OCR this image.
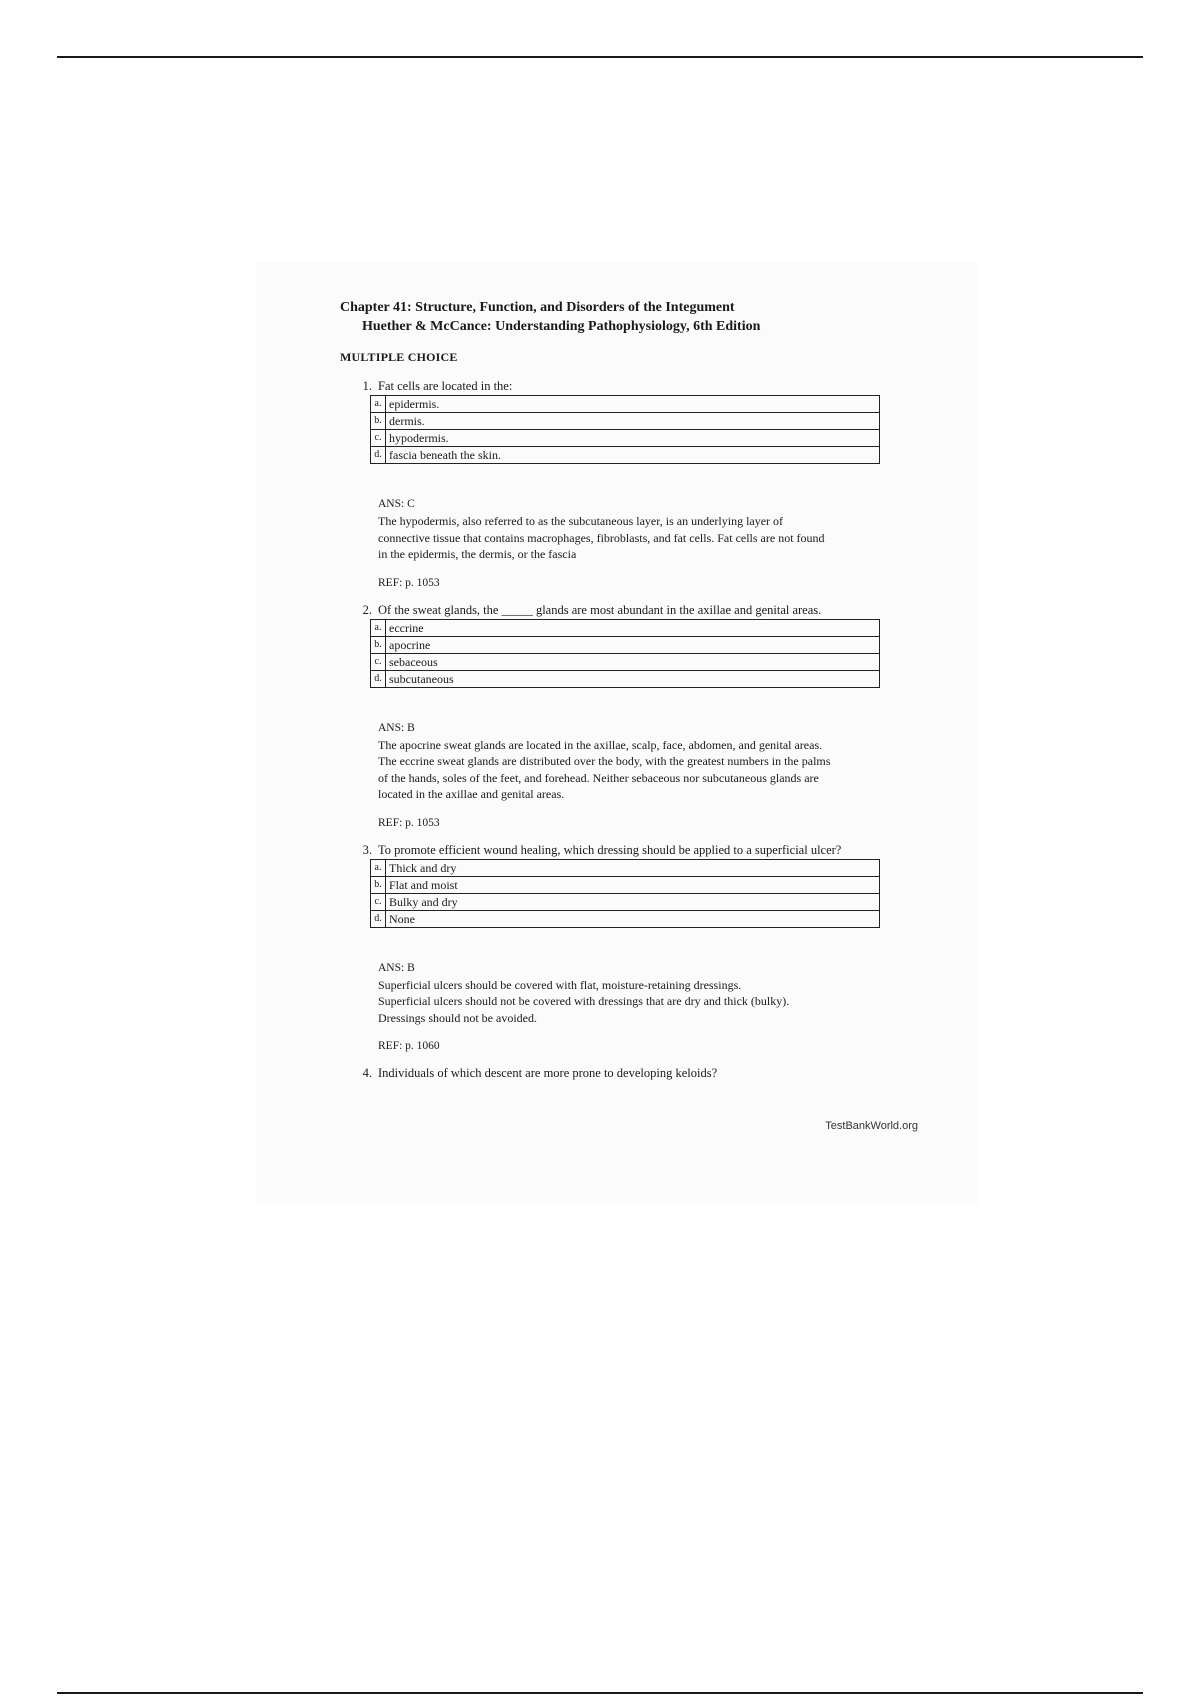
Chapter 41: Structure, Function, and Disorders of the Integument
Huether & McCance: Understanding Pathophysiology, 6th Edition
MULTIPLE CHOICE
1. Fat cells are located in the:
a.	epidermis.
b.	dermis.
c.	hypodermis.
d.	fascia beneath the skin.
ANS: C
The hypodermis, also referred to as the subcutaneous layer, is an underlying layer of
connective tissue that contains macrophages, fibroblasts, and fat cells. Fat cells are not found
in the epidermis, the dermis, or the fascia
REF: p. 1053
2. Of the sweat glands, the _____ glands are most abundant in the axillae and genital areas.
a.	eccrine
b.	apocrine
c.	sebaceous
d.	subcutaneous
ANS: B
The apocrine sweat glands are located in the axillae, scalp, face, abdomen, and genital areas.
The eccrine sweat glands are distributed over the body, with the greatest numbers in the palms
of the hands, soles of the feet, and forehead. Neither sebaceous nor subcutaneous glands are
located in the axillae and genital areas.
REF: p. 1053
3. To promote efficient wound healing, which dressing should be applied to a superficial ulcer?
a.	Thick and dry
b.	Flat and moist
c.	Bulky and dry
d.	None
ANS: B
Superficial ulcers should be covered with flat, moisture-retaining dressings.
Superficial ulcers should not be covered with dressings that are dry and thick (bulky).
Dressings should not be avoided.
REF: p. 1060
4. Individuals of which descent are more prone to developing keloids?
TestBankWorld.org
